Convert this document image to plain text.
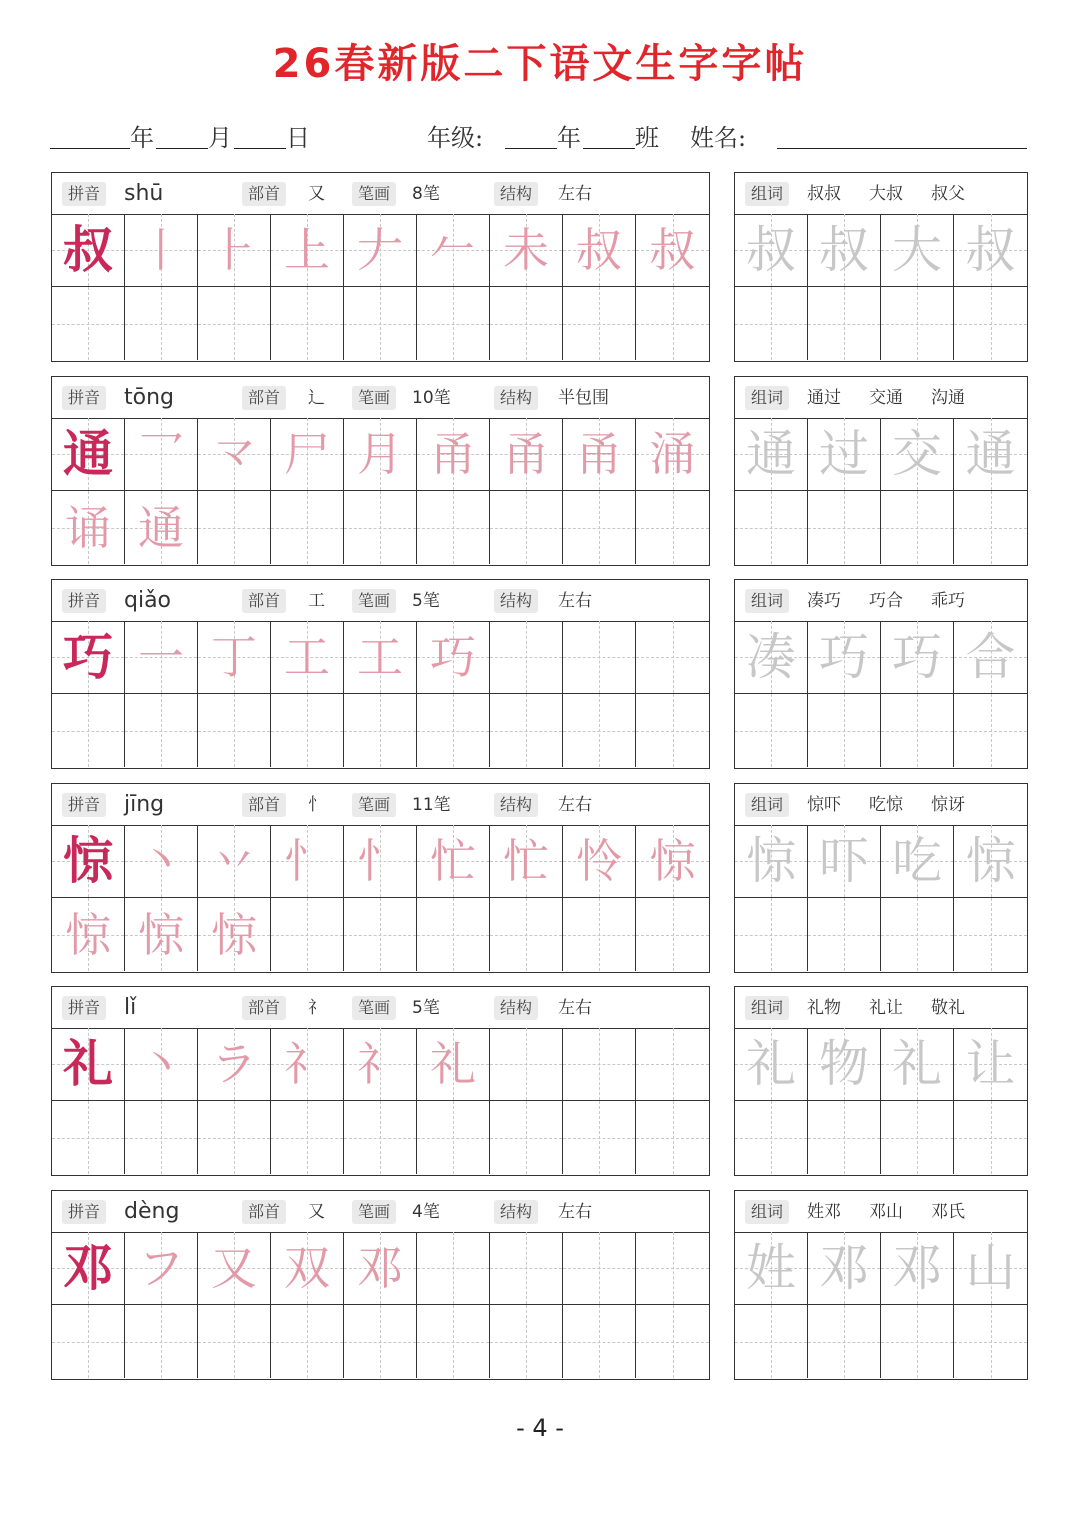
26春新版二下语文生字字帖
年 月 日	年级:	年 班 姓名:
拼音 shū	部首	又	笔画	8笔	结构	左右
叔 丨 ⺊ 上 𠂇 𠂉 未 叔 叔
组词	叔叔 大叔 叔父
叔 叔 大 叔
拼音 tōng	部首	辶	笔画	10笔	结构	半包围
通 乛 龴 尸 月 甬 甬 甬 涌
诵 通
组词	通过 交通 沟通
通 过 交 通
拼音 qiǎo	部首	工	笔画	5笔	结构	左右
巧 一 丁 工 工 巧
组词	凑巧 巧合 乖巧
凑 巧 巧 合
拼音 jīng	部首	忄	笔画	11笔	结构	左右
惊 丶 丷 忄 忄 忙 忙 怜 惊
惊 惊 惊
组词	惊吓 吃惊 惊讶
惊 吓 吃 惊
拼音 lǐ	部首	礻	笔画	5笔	结构	左右
礼 丶 ラ 礻 礻 礼
组词	礼物 礼让 敬礼
礼 物 礼 让
拼音 dèng	部首	又	笔画	4笔	结构	左右
邓 フ 又 双 邓
组词	姓邓 邓山 邓氏
姓 邓 邓 山
- 4 -
